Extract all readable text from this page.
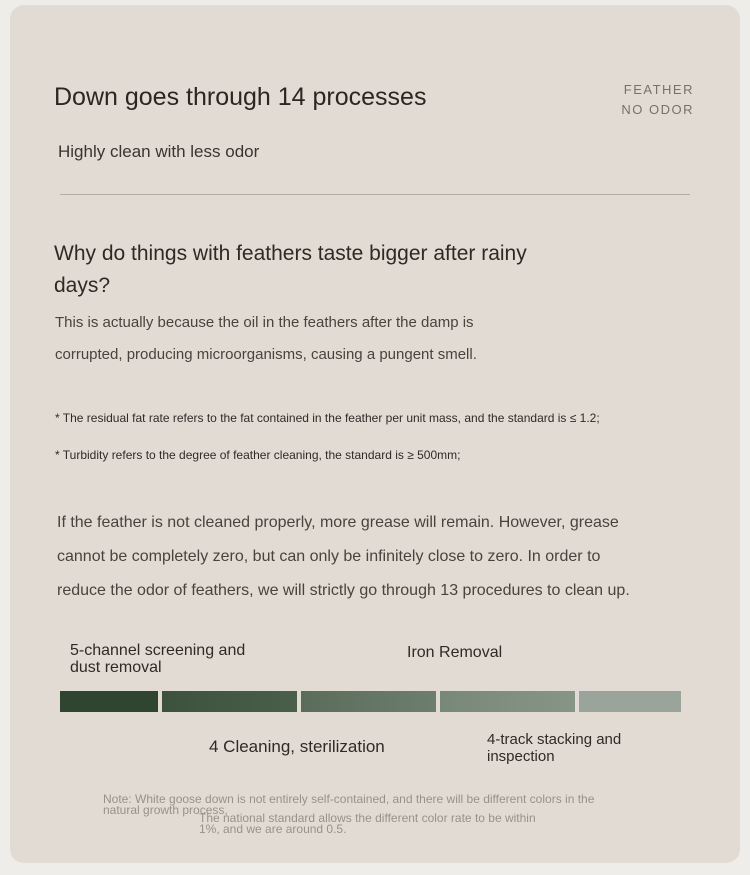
Down goes through 14 processes	FEATHER
NO ODOR
Highly clean with less odor
Why do things with feathers taste bigger after rainy days?
This is actually because the oil in the feathers after the damp is corrupted, producing microorganisms, causing a pungent smell.
* The residual fat rate refers to the fat contained in the feather per unit mass, and the standard is ≤ 1.2;
* Turbidity refers to the degree of feather cleaning, the standard is ≥ 500mm;
If the feather is not cleaned properly, more grease will remain. However, grease cannot be completely zero, but can only be infinitely close to zero. In order to reduce the odor of feathers, we will strictly go through 13 procedures to clean up.
5-channel screening and dust removal
Iron Removal
4 Cleaning, sterilization	4-track stacking and inspection
Note: White goose down is not entirely self-contained, and there will be different colors in the natural growth process,
The national standard allows the different color rate to be within 1%, and we are around 0.5.
